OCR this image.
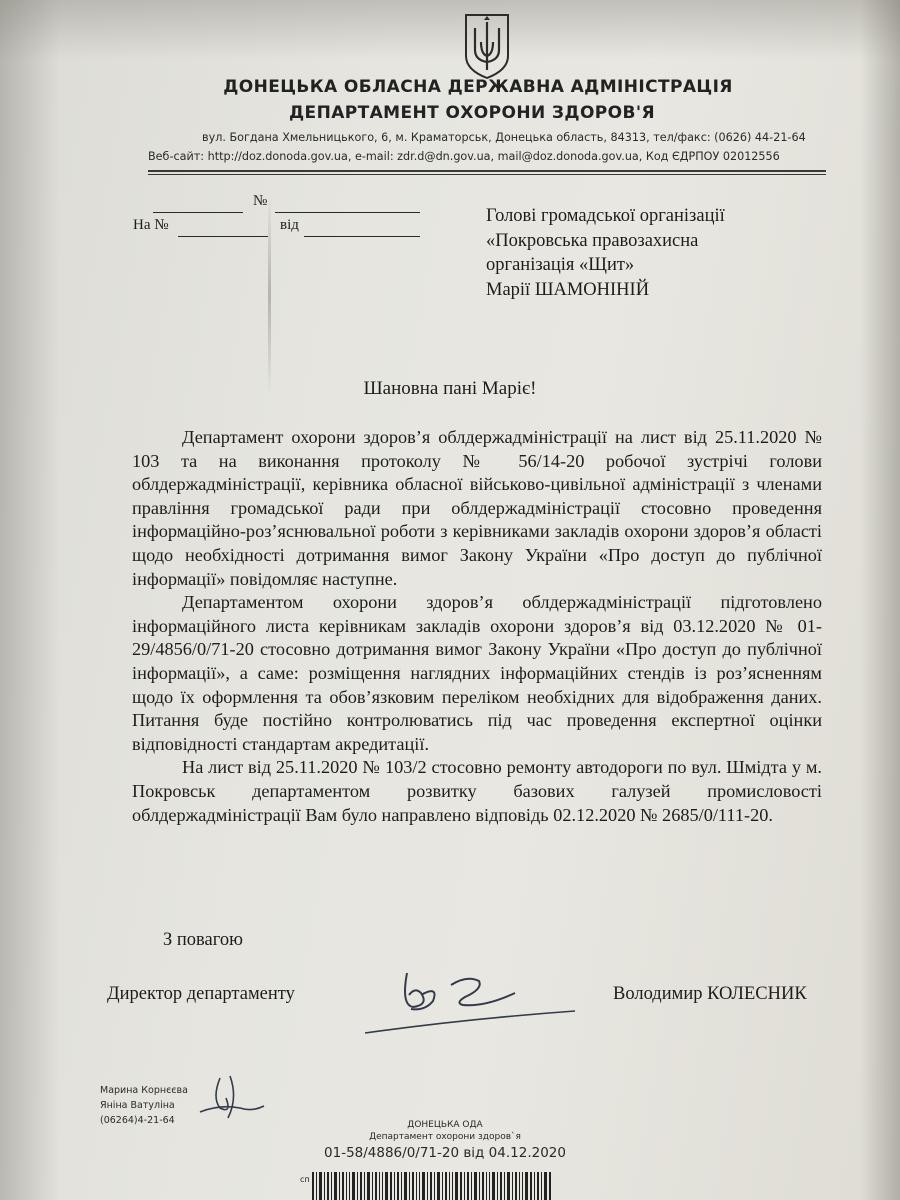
ДОНЕЦЬКА ОБЛАСНА ДЕРЖАВНА АДМІНІСТРАЦІЯ
ДЕПАРТАМЕНТ ОХОРОНИ ЗДОРОВ'Я
вул. Богдана Хмельницького, 6, м. Краматорськ, Донецька область, 84313, тел/факс: (0626) 44-21-64
Веб-сайт: http://doz.donoda.gov.ua, e-mail: zdr.d@dn.gov.ua, mail@doz.donoda.gov.ua, Код ЄДРПОУ 02012556
№
На №	від	Голові громадської організації
«Покровська правозахисна
організація «Щит»
Марії ШАМОНІНІЙ
Шановна пані Маріє!

Департамент охорони здоров’я облдержадміністрації на лист від 25.11.2020 № 103 та на виконання протоколу № 56/14-20 робочої зустрічі голови облдержадміністрації, керівника обласної військово-цивільної адміністрації з членами правління громадської ради при облдержадміністрації стосовно проведення інформаційно-роз’яснювальної роботи з керівниками закладів охорони здоров’я області щодо необхідності дотримання вимог Закону України «Про доступ до публічної інформації» повідомляє наступне.

Департаментом охорони здоров’я облдержадміністрації підготовлено інформаційного листа керівникам закладів охорони здоров’я від 03.12.2020 № 01-29/4856/0/71-20 стосовно дотримання вимог Закону України «Про доступ до публічної інформації», а саме: розміщення наглядних інформаційних стендів із роз’ясненням щодо їх оформлення та обов’язковим переліком необхідних для відображення даних. Питання буде постійно контролюватись під час проведення експертної оцінки відповідності стандартам акредитації.

На лист від 25.11.2020 № 103/2 стосовно ремонту автодороги по вул. Шмідта у м. Покровськ департаментом розвитку базових галузей промисловості облдержадміністрації Вам було направлено відповідь 02.12.2020 № 2685/0/111-20.

З повагою
Директор департаменту	Володимир КОЛЕСНИК
Марина Корнєєва
Янiна Ватуліна
(06264)4-21-64	ДОНЕЦЬКА ОДА
Департамент охорони здоров`я
01-58/4886/0/71-20 від 04.12.2020
сп
